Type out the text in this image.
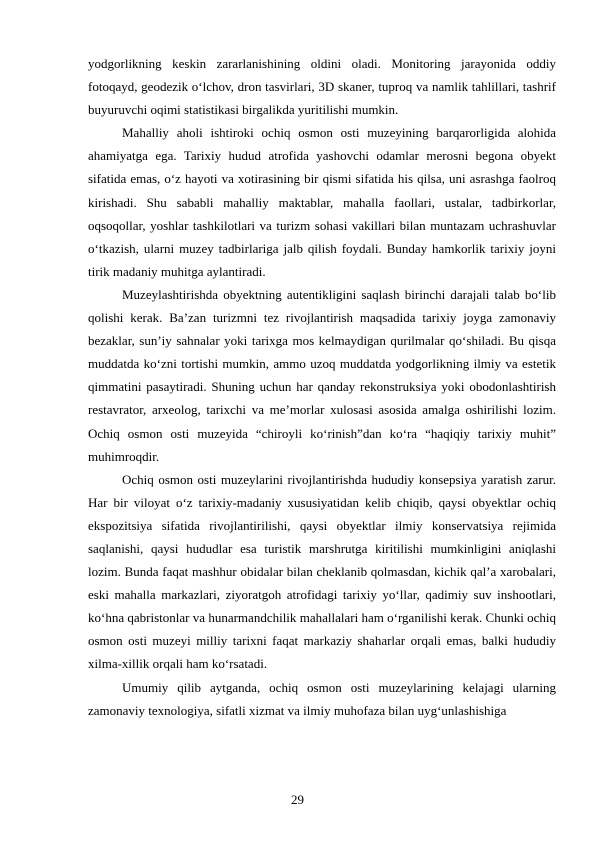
yodgorlikning keskin zararlanishining oldini oladi. Monitoring jarayonida oddiy fotoqayd, geodezik o‘lchov, dron tasvirlari, 3D skaner, tuproq va namlik tahlillari, tashrif buyuruvchi oqimi statistikasi birgalikda yuritilishi mumkin.

Mahalliy aholi ishtiroki ochiq osmon osti muzeyining barqarorligida alohida ahamiyatga ega. Tarixiy hudud atrofida yashovchi odamlar merosni begona obyekt sifatida emas, o‘z hayoti va xotirasining bir qismi sifatida his qilsa, uni asrashga faolroq kirishadi. Shu sababli mahalliy maktablar, mahalla faollari, ustalar, tadbirkorlar, oqsoqollar, yoshlar tashkilotlari va turizm sohasi vakillari bilan muntazam uchrashuvlar o‘tkazish, ularni muzey tadbirlariga jalb qilish foydali. Bunday hamkorlik tarixiy joyni tirik madaniy muhitga aylantiradi.

Muzeylashtirishda obyektning autentikligini saqlash birinchi darajali talab bo‘lib qolishi kerak. Ba’zan turizmni tez rivojlantirish maqsadida tarixiy joyga zamonaviy bezaklar, sun’iy sahnalar yoki tarixga mos kelmaydigan qurilmalar qo‘shiladi. Bu qisqa muddatda ko‘zni tortishi mumkin, ammo uzoq muddatda yodgorlikning ilmiy va estetik qimmatini pasaytiradi. Shuning uchun har qanday rekonstruksiya yoki obodonlashtirish restavrator, arxeolog, tarixchi va me’morlar xulosasi asosida amalga oshirilishi lozim. Ochiq osmon osti muzeyida “chiroyli ko‘rinish”dan ko‘ra “haqiqiy tarixiy muhit” muhimroqdir.

Ochiq osmon osti muzeylarini rivojlantirishda hududiy konsepsiya yaratish zarur. Har bir viloyat o‘z tarixiy-madaniy xususiyatidan kelib chiqib, qaysi obyektlar ochiq ekspozitsiya sifatida rivojlantirilishi, qaysi obyektlar ilmiy konservatsiya rejimida saqlanishi, qaysi hududlar esa turistik marshrutga kiritilishi mumkinligini aniqlashi lozim. Bunda faqat mashhur obidalar bilan cheklanib qolmasdan, kichik qal’a xarobalari, eski mahalla markazlari, ziyoratgoh atrofidagi tarixiy yo‘llar, qadimiy suv inshootlari, ko‘hna qabristonlar va hunarmandchilik mahallalari ham o‘rganilishi kerak. Chunki ochiq osmon osti muzeyi milliy tarixni faqat markaziy shaharlar orqali emas, balki hududiy xilma-xillik orqali ham ko‘rsatadi.

Umumiy qilib aytganda, ochiq osmon osti muzeylarining kelajagi ularning zamonaviy texnologiya, sifatli xizmat va ilmiy muhofaza bilan uyg‘unlashishiga

29
